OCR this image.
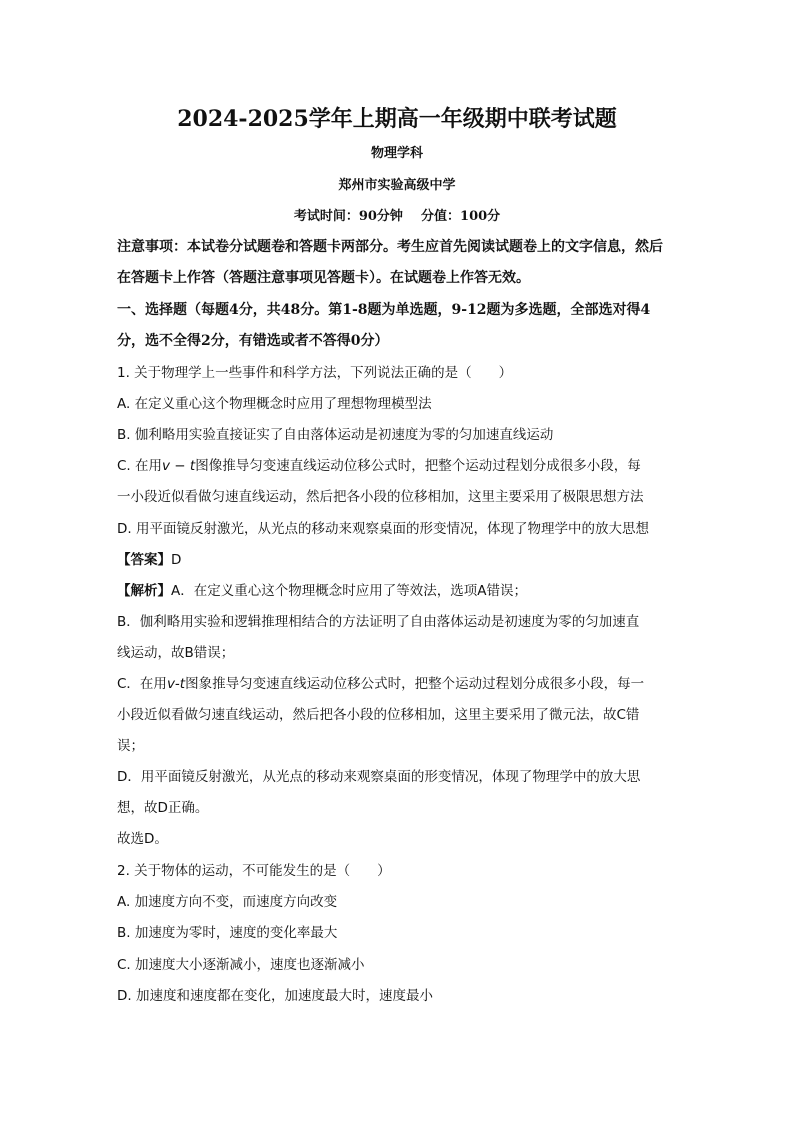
2024-2025学年上期高一年级期中联考试题
物理学科
郑州市实验高级中学
考试时间：90分钟    分值：100分
注意事项：本试卷分试题卷和答题卡两部分。考生应首先阅读试题卷上的文字信息，然后
在答题卡上作答（答题注意事项见答题卡）。在试题卷上作答无效。
一、选择题（每题4分，共48分。第1-8题为单选题，9-12题为多选题，全部选对得4
分，选不全得2分，有错选或者不答得0分）
1. 关于物理学上一些事件和科学方法，下列说法正确的是（　　）
A. 在定义重心这个物理概念时应用了理想物理模型法
B. 伽利略用实验直接证实了自由落体运动是初速度为零的匀加速直线运动
C. 在用v − t图像推导匀变速直线运动位移公式时，把整个运动过程划分成很多小段，每
一小段近似看做匀速直线运动，然后把各小段的位移相加，这里主要采用了极限思想方法
D. 用平面镜反射激光，从光点的移动来观察桌面的形变情况，体现了物理学中的放大思想
【答案】D
【解析】A．在定义重心这个物理概念时应用了等效法，选项A错误；
B．伽利略用实验和逻辑推理相结合的方法证明了自由落体运动是初速度为零的匀加速直
线运动，故B错误；
C．在用v-t图象推导匀变速直线运动位移公式时，把整个运动过程划分成很多小段，每一
小段近似看做匀速直线运动，然后把各小段的位移相加，这里主要采用了微元法，故C错
误；
D．用平面镜反射激光，从光点的移动来观察桌面的形变情况，体现了物理学中的放大思
想，故D正确。
故选D。
2. 关于物体的运动，不可能发生的是（　　）
A. 加速度方向不变，而速度方向改变
B. 加速度为零时，速度的变化率最大
C. 加速度大小逐渐减小，速度也逐渐减小
D. 加速度和速度都在变化，加速度最大时，速度最小
